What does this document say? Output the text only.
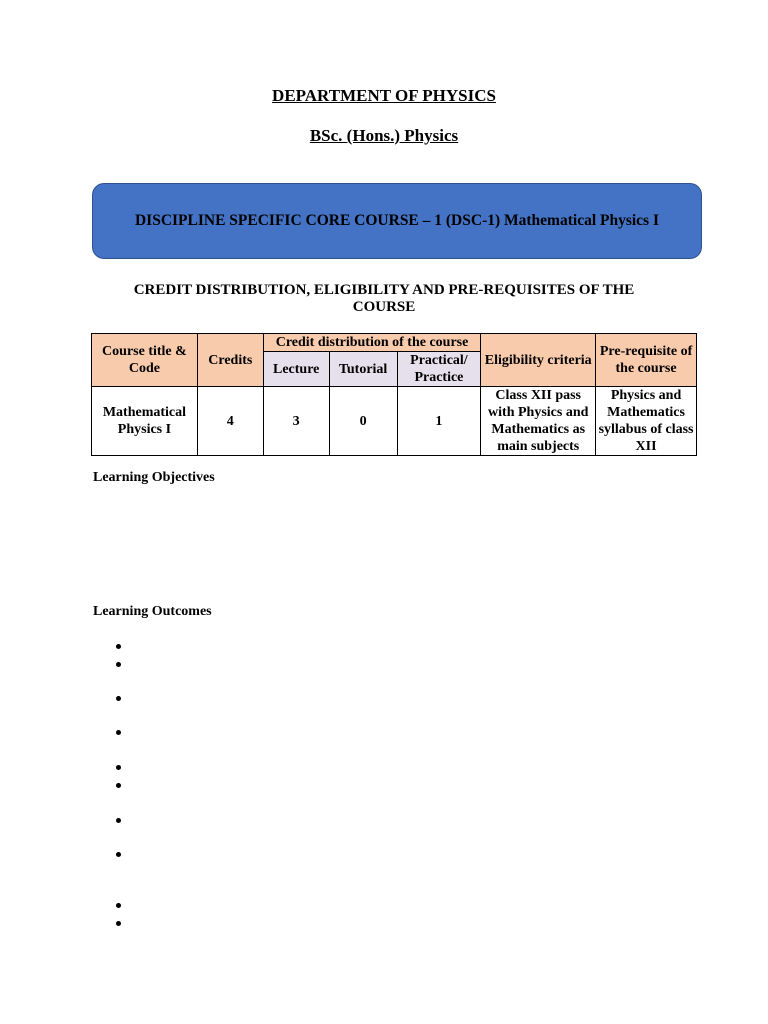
DEPARTMENT OF PHYSICS
BSc. (Hons.) Physics
DISCIPLINE SPECIFIC CORE COURSE – 1 (DSC-1) Mathematical Physics I
CREDIT DISTRIBUTION, ELIGIBILITY AND PRE-REQUISITES OF THE COURSE
Course title & Code	Credits	Credit distribution of the course			Eligibility criteria	Pre-requisite of the course
		Lecture	Tutorial	Practical/ Practice		
Mathematical Physics I	4	3	0	1	Class XII pass with Physics and Mathematics as main subjects	Physics and Mathematics syllabus of class XII
Learning Objectives
Learning Outcomes
